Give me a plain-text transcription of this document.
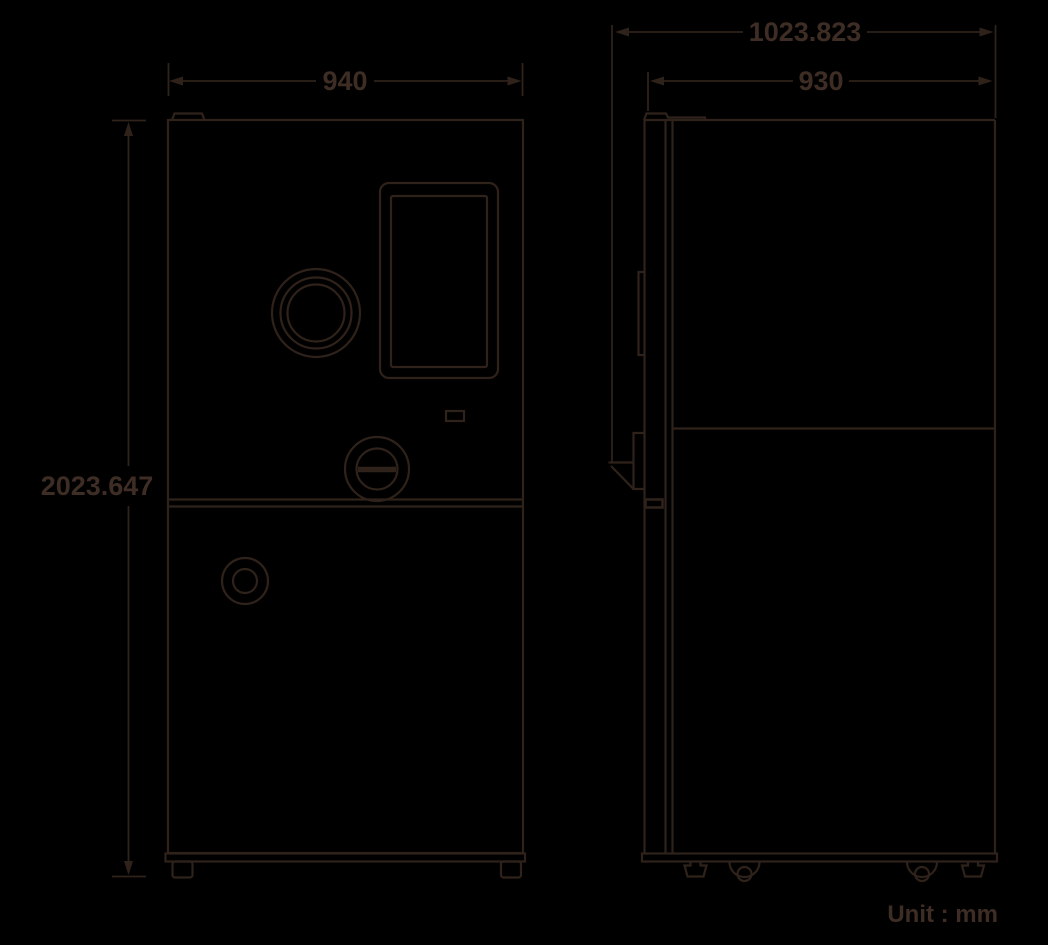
940
2023.647
1023.823
930
Unit : mm
